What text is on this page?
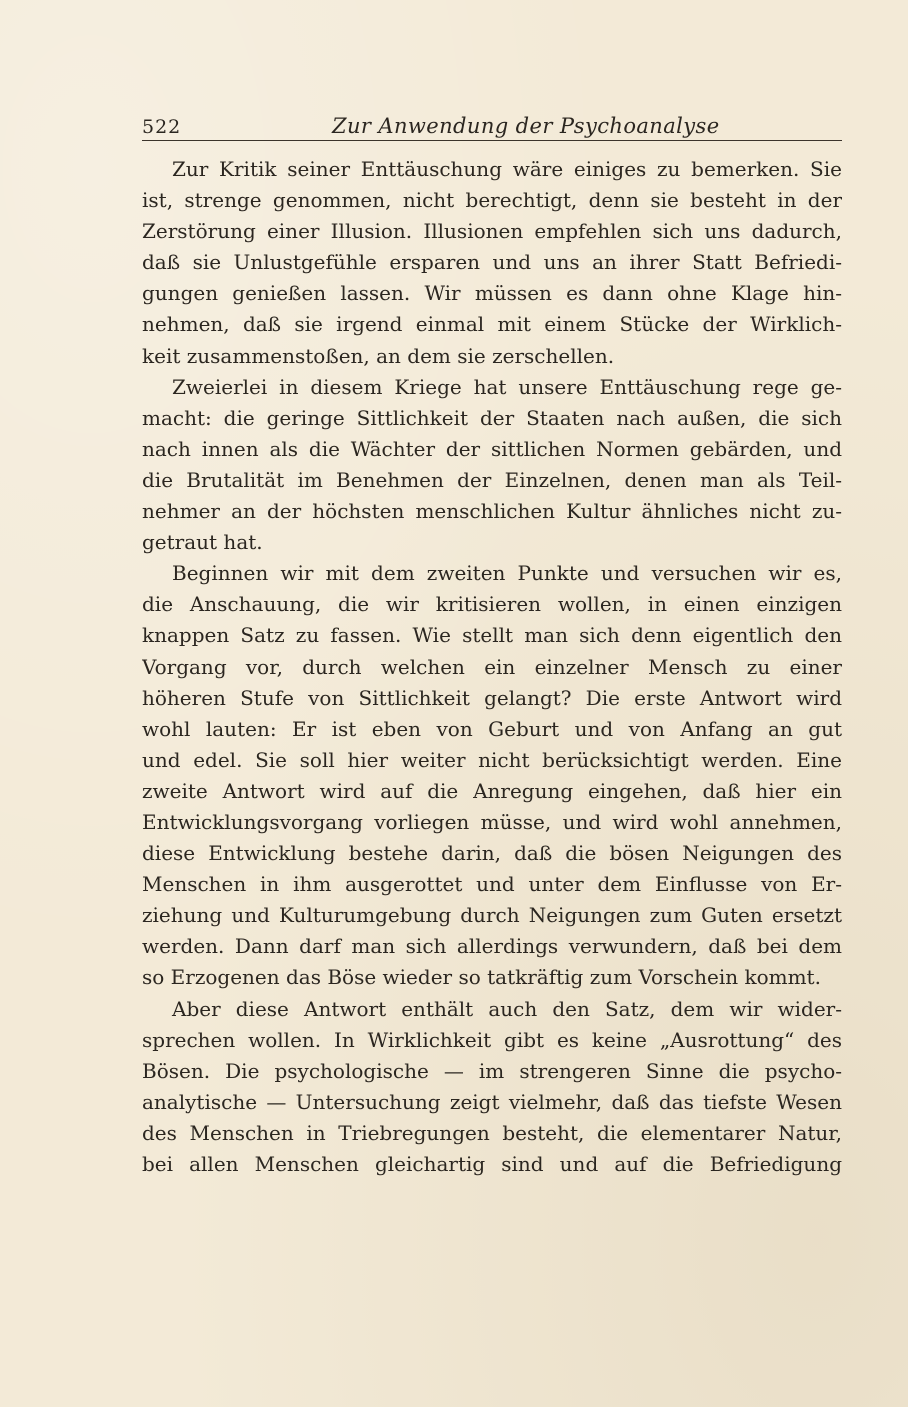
522	Zur Anwendung der Psychoanalyse
Zur Kritik seiner Enttäuschung wäre einiges zu bemerken. Sie
ist, strenge genommen, nicht berechtigt, denn sie besteht in der
Zerstörung einer Illusion. Illusionen empfehlen sich uns dadurch,
daß sie Unlustgefühle ersparen und uns an ihrer Statt Befriedi-
gungen genießen lassen. Wir müssen es dann ohne Klage hin-
nehmen, daß sie irgend einmal mit einem Stücke der Wirklich-
keit zusammenstoßen, an dem sie zerschellen.
Zweierlei in diesem Kriege hat unsere Enttäuschung rege ge-
macht: die geringe Sittlichkeit der Staaten nach außen, die sich
nach innen als die Wächter der sittlichen Normen gebärden, und
die Brutalität im Benehmen der Einzelnen, denen man als Teil-
nehmer an der höchsten menschlichen Kultur ähnliches nicht zu-
getraut hat.
Beginnen wir mit dem zweiten Punkte und versuchen wir es,
die Anschauung, die wir kritisieren wollen, in einen einzigen
knappen Satz zu fassen. Wie stellt man sich denn eigentlich den
Vorgang vor, durch welchen ein einzelner Mensch zu einer
höheren Stufe von Sittlichkeit gelangt? Die erste Antwort wird
wohl lauten: Er ist eben von Geburt und von Anfang an gut
und edel. Sie soll hier weiter nicht berücksichtigt werden. Eine
zweite Antwort wird auf die Anregung eingehen, daß hier ein
Entwicklungsvorgang vorliegen müsse, und wird wohl annehmen,
diese Entwicklung bestehe darin, daß die bösen Neigungen des
Menschen in ihm ausgerottet und unter dem Einflusse von Er-
ziehung und Kulturumgebung durch Neigungen zum Guten ersetzt
werden. Dann darf man sich allerdings verwundern, daß bei dem
so Erzogenen das Böse wieder so tatkräftig zum Vorschein kommt.
Aber diese Antwort enthält auch den Satz, dem wir wider-
sprechen wollen. In Wirklichkeit gibt es keine „Ausrottung“ des
Bösen. Die psychologische — im strengeren Sinne die psycho-
analytische — Untersuchung zeigt vielmehr, daß das tiefste Wesen
des Menschen in Triebregungen besteht, die elementarer Natur,
bei allen Menschen gleichartig sind und auf die Befriedigung
